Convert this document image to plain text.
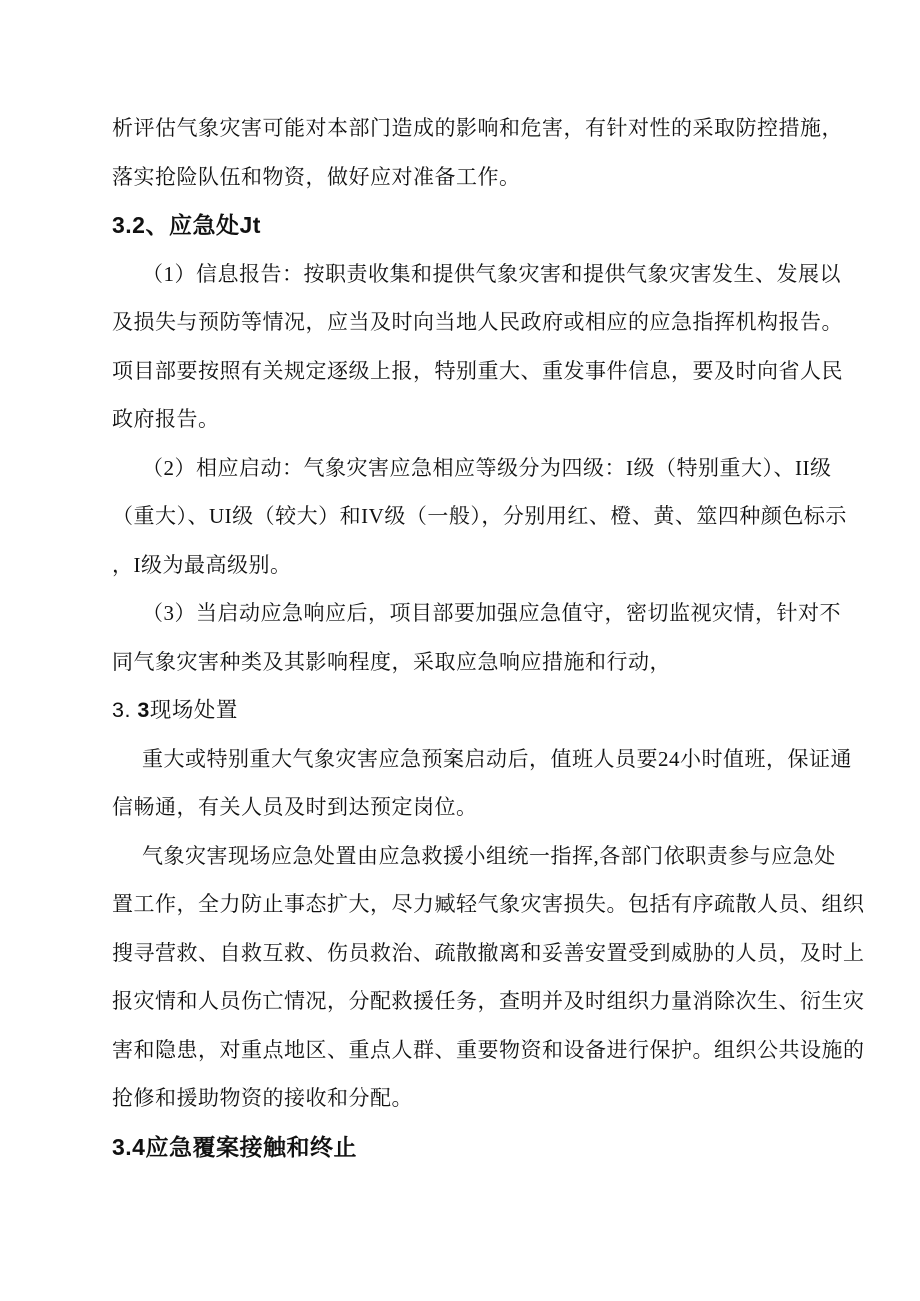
析评估气象灾害可能对本部门造成的影响和危害，有针对性的采取防控措施，
落实抢险队伍和物资，做好应对准备工作。
3.2、应急处Jt
（1）信息报告：按职责收集和提供气象灾害和提供气象灾害发生、发展以
及损失与预防等情况，应当及时向当地人民政府或相应的应急指挥机构报告。
项目部要按照有关规定逐级上报，特别重大、重发事件信息，要及时向省人民
政府报告。
（2）相应启动：气象灾害应急相应等级分为四级：I级（特别重大）、II级
（重大）、UI级（较大）和IV级（一般），分别用红、橙、黄、筮四种颜色标示
，I级为最高级别。
（3）当启动应急响应后，项目部要加强应急值守，密切监视灾情，针对不
同气象灾害种类及其影响程度，采取应急响应措施和行动，
3. 3现场处置
重大或特别重大气象灾害应急预案启动后，值班人员要24小时值班，保证通
信畅通，有关人员及时到达预定岗位。
气象灾害现场应急处置由应急救援小组统一指挥,各部门依职责参与应急处
置工作，全力防止事态扩大，尽力臧轻气象灾害损失。包括有序疏散人员、组织
搜寻营救、自救互救、伤员救治、疏散撤离和妥善安置受到威胁的人员，及时上
报灾情和人员伤亡情况，分配救援任务，查明并及时组织力量消除次生、衍生灾
害和隐患，对重点地区、重点人群、重要物资和设备进行保护。组织公共设施的
抢修和援助物资的接收和分配。
3.4应急覆案接触和终止
